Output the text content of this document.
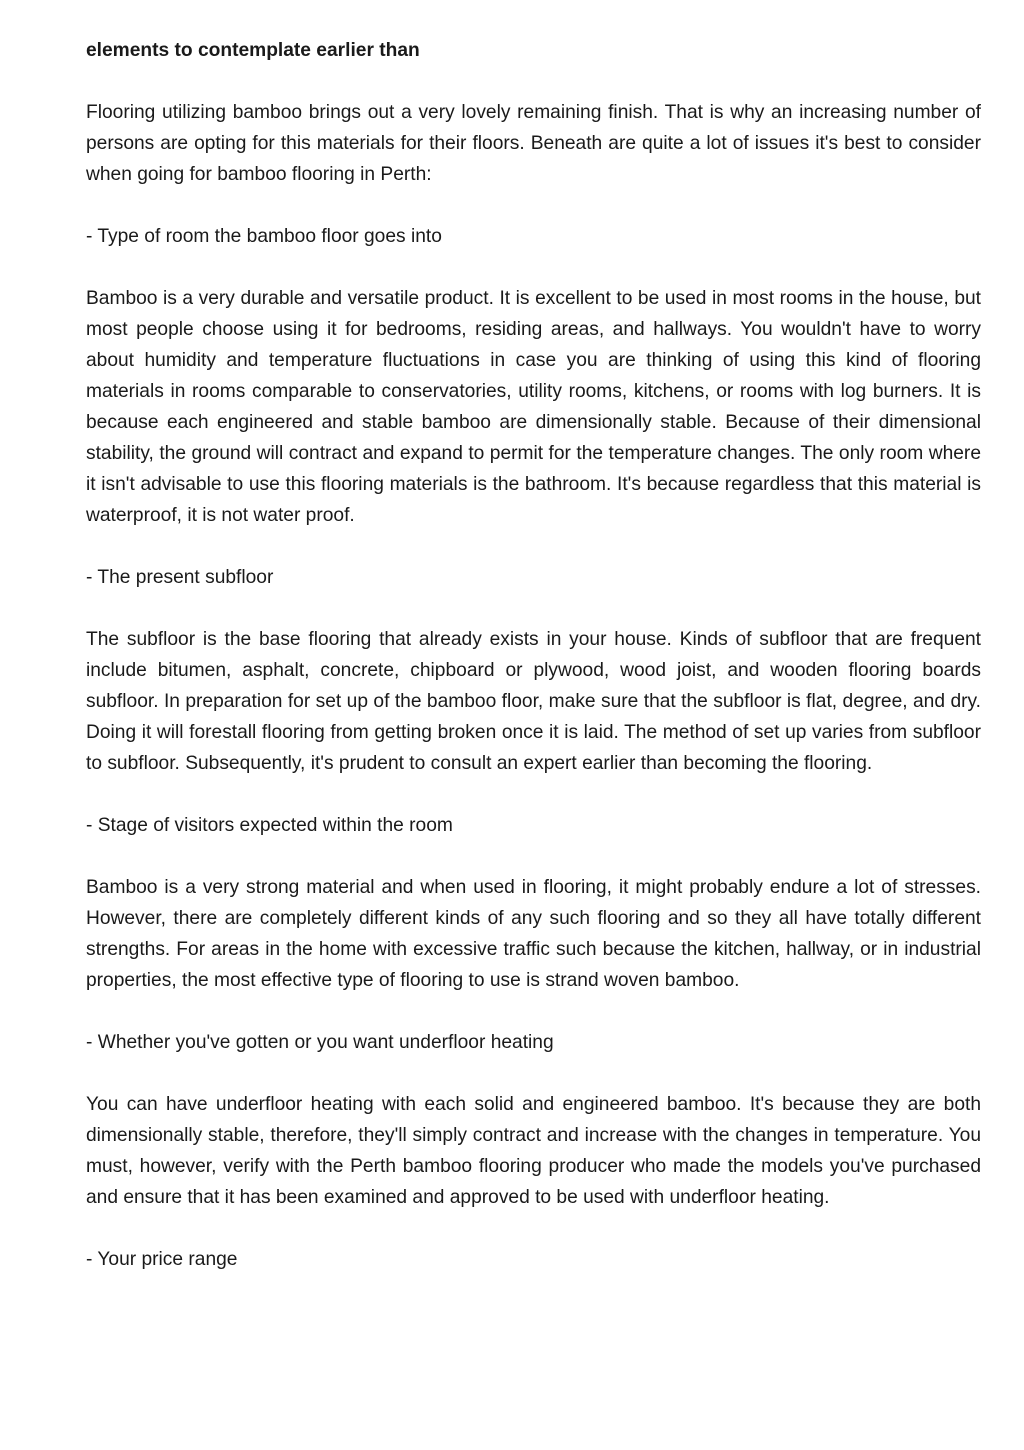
elements to contemplate earlier than

Flooring utilizing bamboo brings out a very lovely remaining finish. That is why an increasing number of persons are opting for this materials for their floors. Beneath are quite a lot of issues it's best to consider when going for bamboo flooring in Perth:

- Type of room the bamboo floor goes into

Bamboo is a very durable and versatile product. It is excellent to be used in most rooms in the house, but most people choose using it for bedrooms, residing areas, and hallways. You wouldn't have to worry about humidity and temperature fluctuations in case you are thinking of using this kind of flooring materials in rooms comparable to conservatories, utility rooms, kitchens, or rooms with log burners. It is because each engineered and stable bamboo are dimensionally stable. Because of their dimensional stability, the ground will contract and expand to permit for the temperature changes. The only room where it isn't advisable to use this flooring materials is the bathroom. It's because regardless that this material is waterproof, it is not water proof.

- The present subfloor

The subfloor is the base flooring that already exists in your house. Kinds of subfloor that are frequent include bitumen, asphalt, concrete, chipboard or plywood, wood joist, and wooden flooring boards subfloor. In preparation for set up of the bamboo floor, make sure that the subfloor is flat, degree, and dry. Doing it will forestall flooring from getting broken once it is laid. The method of set up varies from subfloor to subfloor. Subsequently, it's prudent to consult an expert earlier than becoming the flooring.

- Stage of visitors expected within the room

Bamboo is a very strong material and when used in flooring, it might probably endure a lot of stresses. However, there are completely different kinds of any such flooring and so they all have totally different strengths. For areas in the home with excessive traffic such because the kitchen, hallway, or in industrial properties, the most effective type of flooring to use is strand woven bamboo.

- Whether you've gotten or you want underfloor heating

You can have underfloor heating with each solid and engineered bamboo. It's because they are both dimensionally stable, therefore, they'll simply contract and increase with the changes in temperature. You must, however, verify with the Perth bamboo flooring producer who made the models you've purchased and ensure that it has been examined and approved to be used with underfloor heating.

- Your price range
